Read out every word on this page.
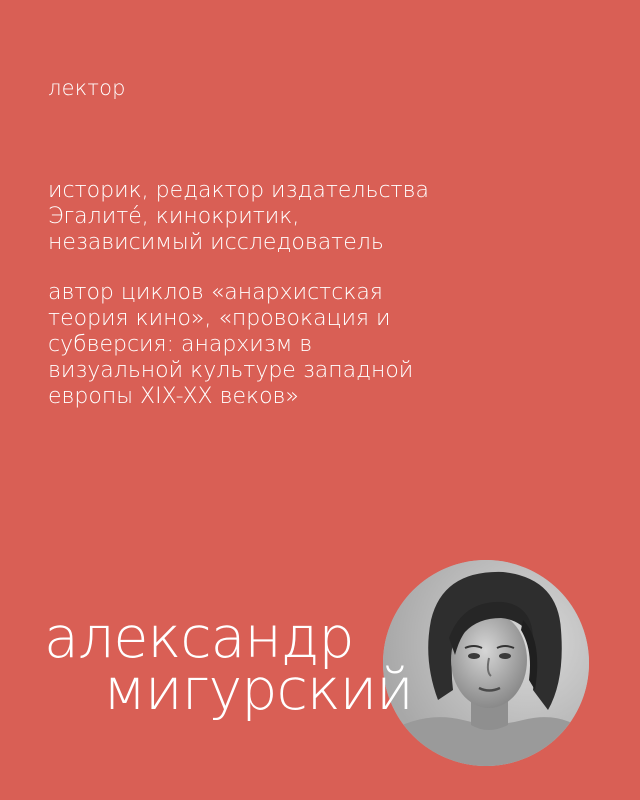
лектор

историк, редактор издательства
Эгалите́, кинокритик,
независимый исследователь

автор циклов «анархистская
теория кино», «провокация и
субверсия: анархизм в
визуальной культуре западной
европы XIX-XX веков»

александр
мигурский
